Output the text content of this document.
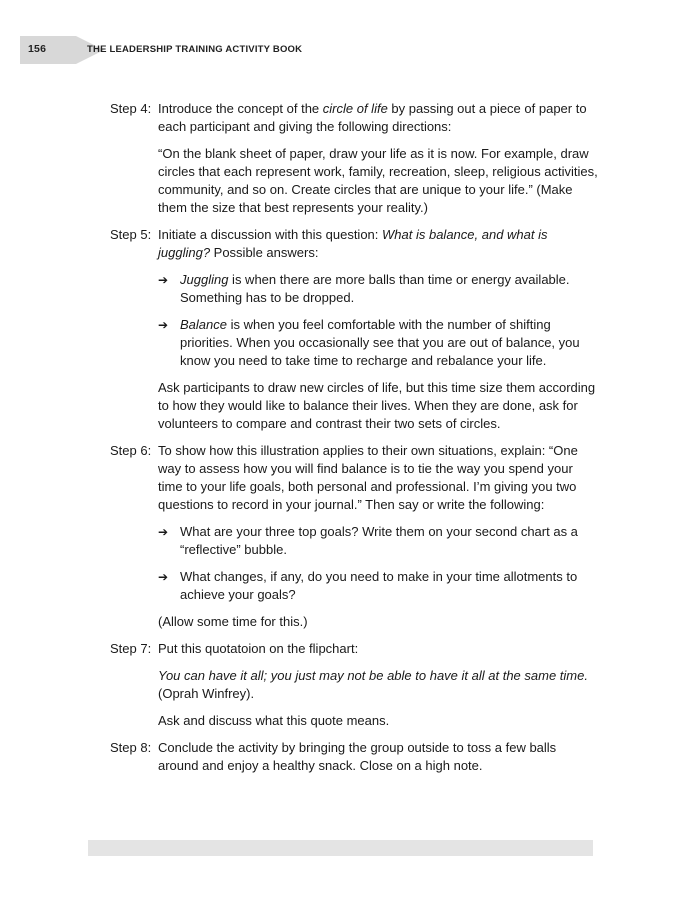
156	THE LEADERSHIP TRAINING ACTIVITY BOOK
Step 4: Introduce the concept of the circle of life by passing out a piece of paper to each participant and giving the following directions:

“On the blank sheet of paper, draw your life as it is now. For example, draw circles that each represent work, family, recreation, sleep, religious activities, community, and so on. Create circles that are unique to your life.” (Make them the size that best represents your reality.)

Step 5: Initiate a discussion with this question: What is balance, and what is juggling? Possible answers:

➔ Juggling is when there are more balls than time or energy available. Something has to be dropped.
➔ Balance is when you feel comfortable with the number of shifting priorities. When you occasionally see that you are out of balance, you know you need to take time to recharge and rebalance your life.

Ask participants to draw new circles of life, but this time size them according to how they would like to balance their lives. When they are done, ask for volunteers to compare and contrast their two sets of circles.

Step 6: To show how this illustration applies to their own situations, explain: “One way to assess how you will find balance is to tie the way you spend your time to your life goals, both personal and professional. I’m giving you two questions to record in your journal.” Then say or write the following:

➔ What are your three top goals? Write them on your second chart as a “reflective” bubble.
➔ What changes, if any, do you need to make in your time allotments to achieve your goals?

(Allow some time for this.)

Step 7: Put this quotatoion on the flipchart:

You can have it all; you just may not be able to have it all at the same time. (Oprah Winfrey).

Ask and discuss what this quote means.

Step 8: Conclude the activity by bringing the group outside to toss a few balls around and enjoy a healthy snack. Close on a high note.
